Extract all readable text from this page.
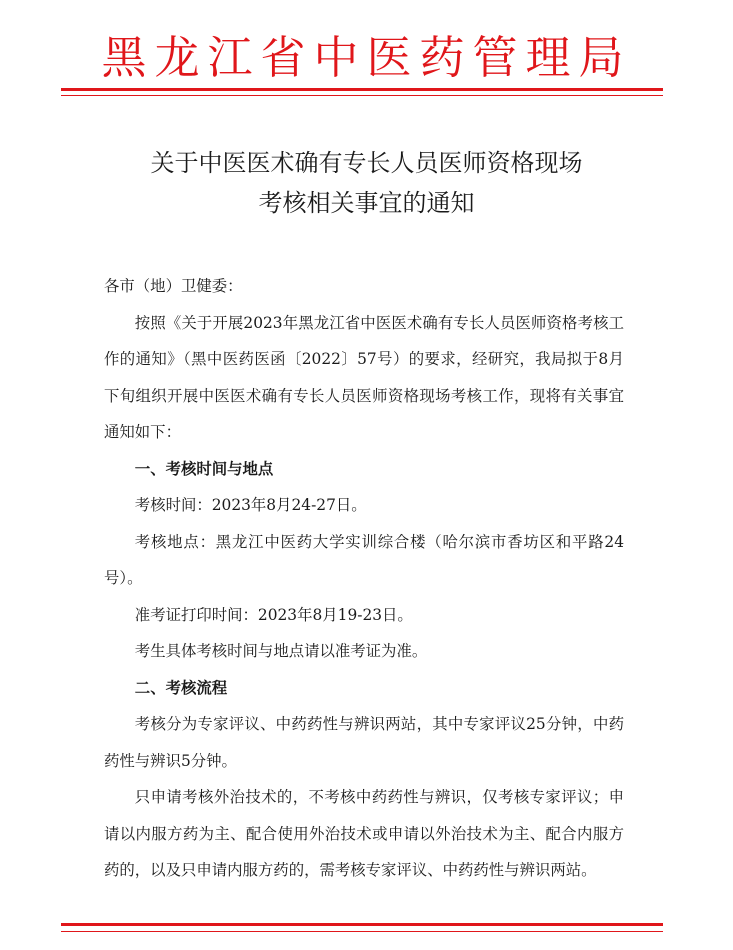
黑龙江省中医药管理局
关于中医医术确有专长人员医师资格现场
考核相关事宜的通知

各市（地）卫健委：

按照《关于开展2023年黑龙江省中医医术确有专长人员医师资格考核工作的通知》（黑中医药医函〔2022〕57号）的要求，经研究，我局拟于8月下旬组织开展中医医术确有专长人员医师资格现场考核工作，现将有关事宜通知如下：

一、考核时间与地点

考核时间：2023年8月24-27日。

考核地点：黑龙江中医药大学实训综合楼（哈尔滨市香坊区和平路24号）。

准考证打印时间：2023年8月19-23日。

考生具体考核时间与地点请以准考证为准。

二、考核流程

考核分为专家评议、中药药性与辨识两站，其中专家评议25分钟，中药药性与辨识5分钟。

只申请考核外治技术的，不考核中药药性与辨识，仅考核专家评议；申请以内服方药为主、配合使用外治技术或申请以外治技术为主、配合内服方药的，以及只申请内服方药的，需考核专家评议、中药药性与辨识两站。
